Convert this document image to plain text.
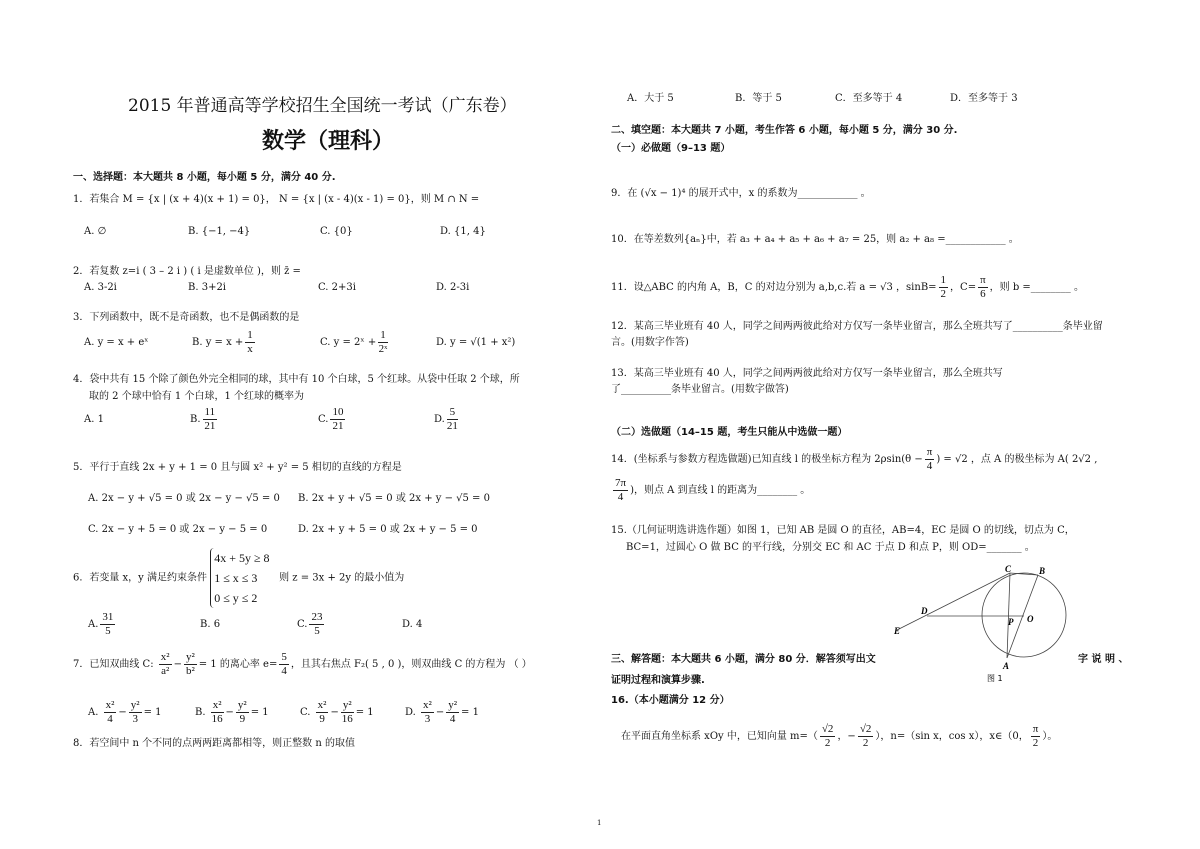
2015 年普通高等学校招生全国统一考试（广东卷）
数学（理科）
一、选择题：本大题共 8 小题，每小题 5 分，满分 40 分.
1．若集合 M = {x | (x + 4)(x + 1) = 0}， N = {x | (x - 4)(x - 1) = 0}，则 M ∩ N =
A. ∅	B. {−1, −4}	C. {0}	D. {1, 4}
2．若复数 z=i ( 3 – 2 i ) ( i 是虚数单位 )，则 z̄ =
A. 3-2i	B. 3+2i	C. 2+3i	D. 2-3i
3．下列函数中，既不是奇函数，也不是偶函数的是
A. y = x + eˣ	B. $y = x + \frac{1}{x}$	C. y = 2ˣ + $\frac{1}{\text{2ˣ}}$	D. y = √(1 + x²)
4．袋中共有 15 个除了颜色外完全相同的球，其中有 10 个白球，5 个红球。从袋中任取 2 个球，所
取的 2 个球中恰有 1 个白球，1 个红球的概率为
A. 1	B. $\frac{11}{21}$	C. $\frac{10}{21}$	D. $\frac{5}{21}$
5．平行于直线 2x + y + 1 = 0 且与圆 x² + y² = 5 相切的直线的方程是
A. 2x − y + √5 = 0 或 2x − y − √5 = 0 B. 2x + y + √5 = 0 或 2x + y − √5 = 0
C. 2x − y + 5 = 0 或 2x − y − 5 = 0	D. 2x + y + 5 = 0 或 2x + y − 5 = 0
6．若变量 x，y 满足约束条件
4x + 5y ≥ 8
1 ≤ x ≤ 3
0 ≤ y ≤ 2
则 z = 3x + 2y 的最小值为
A. $\frac{31}{5}$	B. 6	C. $\frac{23}{5}$	D. 4
7．已知双曲线 C: $\frac{\text{x²}}{\text{a²}} - \frac{\text{y²}}{\text{b²}} = 1$ 的离心率 $e= \frac{5}{4}$ ，且其右焦点 F₂( 5 , 0 )，则双曲线 C 的方程为 （ ）
A. $\frac{\text{x²}}{4} - \frac{\text{y²}}{3} = 1$	B. $\frac{\text{x²}}{16} - \frac{\text{y²}}{9} = 1$	C. $\frac{\text{x²}}{9} - \frac{\text{y²}}{16} = 1$	D. $\frac{\text{x²}}{3} - \frac{\text{y²}}{4} = 1$
8．若空间中 n 个不同的点两两距离都相等，则正整数 n 的取值
A．大于 5	B．等于 5	C．至多等于 4	D．至多等于 3
二、填空题：本大题共 7 小题，考生作答 6 小题，每小题 5 分，满分 30 分.
（一）必做题（9–13 题）
9．在 (√x − 1)⁴ 的展开式中，x 的系数为____________ 。
10．在等差数列{aₙ}中，若 a₃ + a₄ + a₅ + a₆ + a₇ = 25，则 a₂ + a₈ =____________ 。
11．设△ABC 的内角 A，B，C 的对边分别为 a,b,c.若 a = √3 ，$\sin B= \frac{1}{2}$ ，$C= \frac{\pi}{6}$ ，则 b =________ 。
12．某高三毕业班有 40 人，同学之间两两彼此给对方仅写一条毕业留言，那么全班共写了__________条毕业留
言。(用数字作答)
13．某高三毕业班有 40 人，同学之间两两彼此给对方仅写一条毕业留言，那么全班共写
了__________条毕业留言。(用数字做答)
（二）选做题（14–15 题，考生只能从中选做一题）
14．(坐标系与参数方程选做题)已知直线 l 的极坐标方程为 $2\rho\sin(\theta - \frac{\pi}{4}$ ) = √2 ，点 A 的极坐标为 A( 2√2 ,
$\frac{7\pi}{4}$ )，则点 A 到直线 l 的距离为________ 。
15.（几何证明选讲选作题）如图 1，已知 AB 是圆 O 的直径，AB=4，EC 是圆 O 的切线，切点为 C，
BC=1，过圆心 O 做 BC 的平行线，分别交 EC 和 AC 于点 D 和点 P，则 OD=_______ 。
C	B
D
O
P
E
A
图 1
三、解答题：本大题共 6 小题，满分 80 分．解答须写出文	字 说 明 、
证明过程和演算步骤.
16.（本小题满分 12 分）
在平面直角坐标系 xOy 中，已知向量 $m=( \frac{√2}{2}$ ，− $\frac{√2}{2}$ ），n=（sin x，cos x），x∈（0， $\frac{\pi}{2}$ ）。
1
